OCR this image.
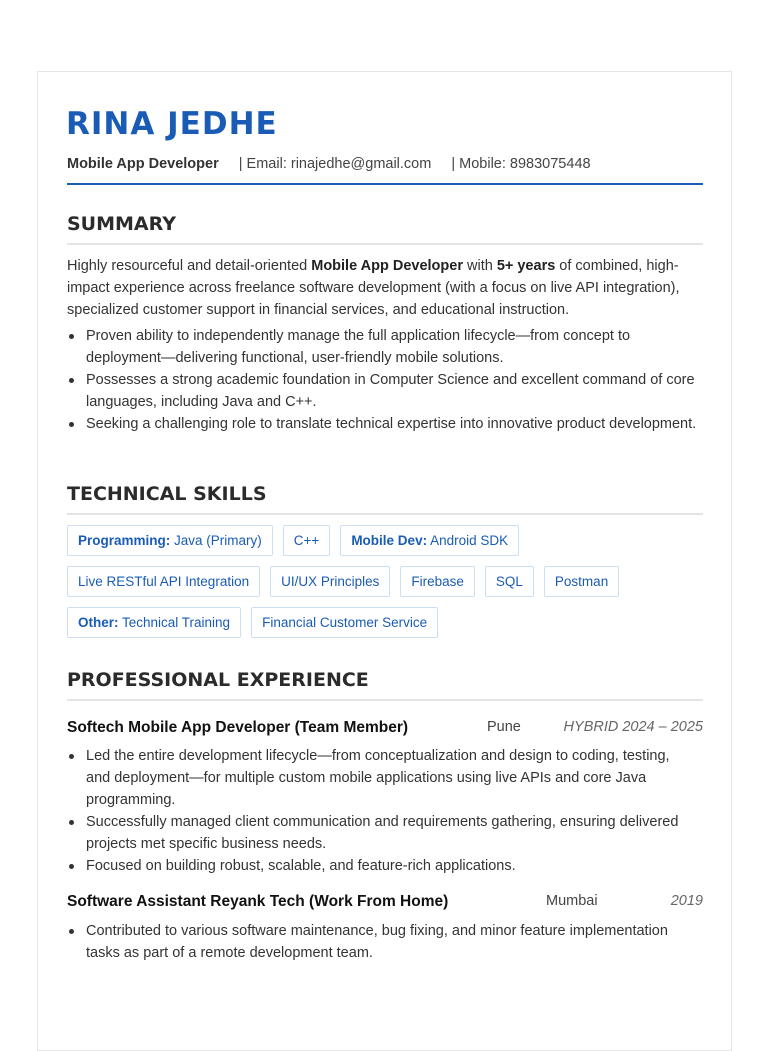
RINA JEDHE
Mobile App Developer | Email: rinajedhe@gmail.com | Mobile: 8983075448
SUMMARY
Highly resourceful and detail-oriented Mobile App Developer with 5+ years of combined, high-impact experience across freelance software development (with a focus on live API integration), specialized customer support in financial services, and educational instruction.
Proven ability to independently manage the full application lifecycle—from concept to deployment—delivering functional, user-friendly mobile solutions.
Possesses a strong academic foundation in Computer Science and excellent command of core languages, including Java and C++.
Seeking a challenging role to translate technical expertise into innovative product development.
TECHNICAL SKILLS
Programming: Java (Primary)	C++	Mobile Dev: Android SDK
Live RESTful API Integration	UI/UX Principles	Firebase	SQL	Postman
Other: Technical Training	Financial Customer Service
PROFESSIONAL EXPERIENCE
Softech Mobile App Developer (Team Member)	Pune	HYBRID 2024 – 2025
Led the entire development lifecycle—from conceptualization and design to coding, testing, and deployment—for multiple custom mobile applications using live APIs and core Java programming.
Successfully managed client communication and requirements gathering, ensuring delivered projects met specific business needs.
Focused on building robust, scalable, and feature-rich applications.
Software Assistant Reyank Tech (Work From Home)	Mumbai	2019
Contributed to various software maintenance, bug fixing, and minor feature implementation tasks as part of a remote development team.
